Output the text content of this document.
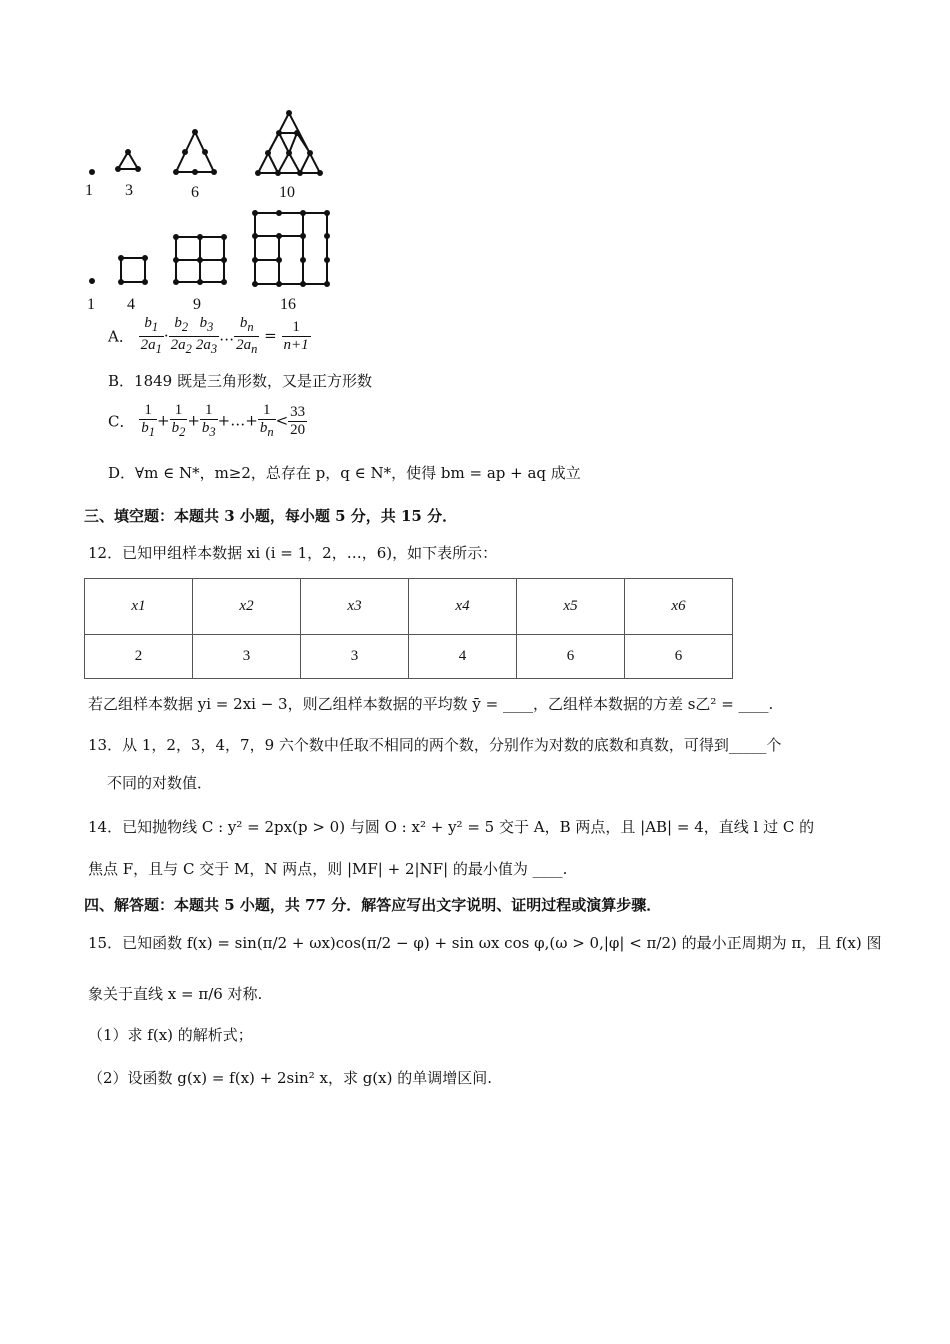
1 3	6	10
1 4	9	16
A． $\frac{b_1}{2a_1} \cdot \frac{b_2}{2a_2} \frac{b_3}{2a_3}$ … $\frac{b_n}{2a_n} = \frac{1}{n+1}$
B．1849 既是三角形数，又是正方形数
C． $\frac{1}{b_1} + \frac{1}{b_2} + \frac{1}{b_3}$ +…+ $\frac{1}{b_n} < \frac{33}{20}$
D．∀m ∈ N*，m≥2，总存在 p，q ∈ N*，使得 bm = ap + aq 成立
三、填空题：本题共 3 小题，每小题 5 分，共 15 分．
12．已知甲组样本数据 xi (i = 1，2，…，6)，如下表所示：
x1	x2	x3	x4	x5	x6
2	3	3	4	6	6
若乙组样本数据 yi = 2xi − 3，则乙组样本数据的平均数 ȳ = ____，乙组样本数据的方差 s乙² = ____.
13．从 1，2，3，4，7，9 六个数中任取不相同的两个数，分别作为对数的底数和真数，可得到_____个
不同的对数值．
14．已知抛物线 C : y² = 2px(p > 0) 与圆 O : x² + y² = 5 交于 A，B 两点，且 |AB| = 4，直线 l 过 C 的
焦点 F，且与 C 交于 M，N 两点，则 |MF| + 2|NF| 的最小值为 ____.
四、解答题：本题共 5 小题，共 77 分．解答应写出文字说明、证明过程或演算步骤．
15．已知函数 f(x) = sin(π/2 + ωx)cos(π/2 − φ) + sin ωx cos φ,(ω > 0,|φ| < π/2) 的最小正周期为 π，且 f(x) 图
象关于直线 x = π/6 对称.
（1）求 f(x) 的解析式；
（2）设函数 g(x) = f(x) + 2sin² x，求 g(x) 的单调增区间.
